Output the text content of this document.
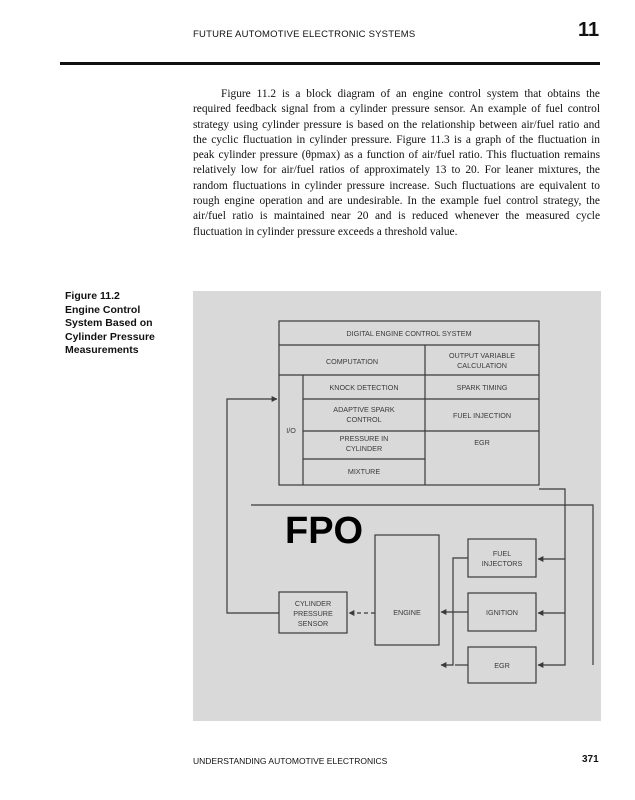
FUTURE AUTOMOTIVE ELECTRONIC SYSTEMS	11

Figure 11.2 is a block diagram of an engine control system that obtains the required feedback signal from a cylinder pressure sensor. An example of fuel control strategy using cylinder pressure is based on the relationship between air/fuel ratio and the cyclic fluctuation in cylinder pressure. Figure 11.3 is a graph of the fluctuation in peak cylinder pressure (θpmax) as a function of air/fuel ratio. This fluctuation remains relatively low for air/fuel ratios of approximately 13 to 20. For leaner mixtures, the random fluctuations in cylinder pressure increase. Such fluctuations are equivalent to rough engine operation and are undesirable. In the example fuel control strategy, the air/fuel ratio is maintained near 20 and is reduced whenever the measured cycle fluctuation in cylinder pressure exceeds a threshold value.

Figure 11.2
Engine Control
System Based on
Cylinder Pressure
Measurements
DIGITAL ENGINE CONTROL SYSTEM
COMPUTATION
OUTPUT VARIABLE
CALCULATION
I/O
KNOCK DETECTION
ADAPTIVE SPARK
CONTROL
PRESSURE IN
CYLINDER
MIXTURE
SPARK TIMING
FUEL INJECTION
EGR
FPO
FUEL
INJECTORS
CYLINDER
PRESSURE
SENSOR
ENGINE	IGNITION
EGR
UNDERSTANDING AUTOMOTIVE ELECTRONICS	371
